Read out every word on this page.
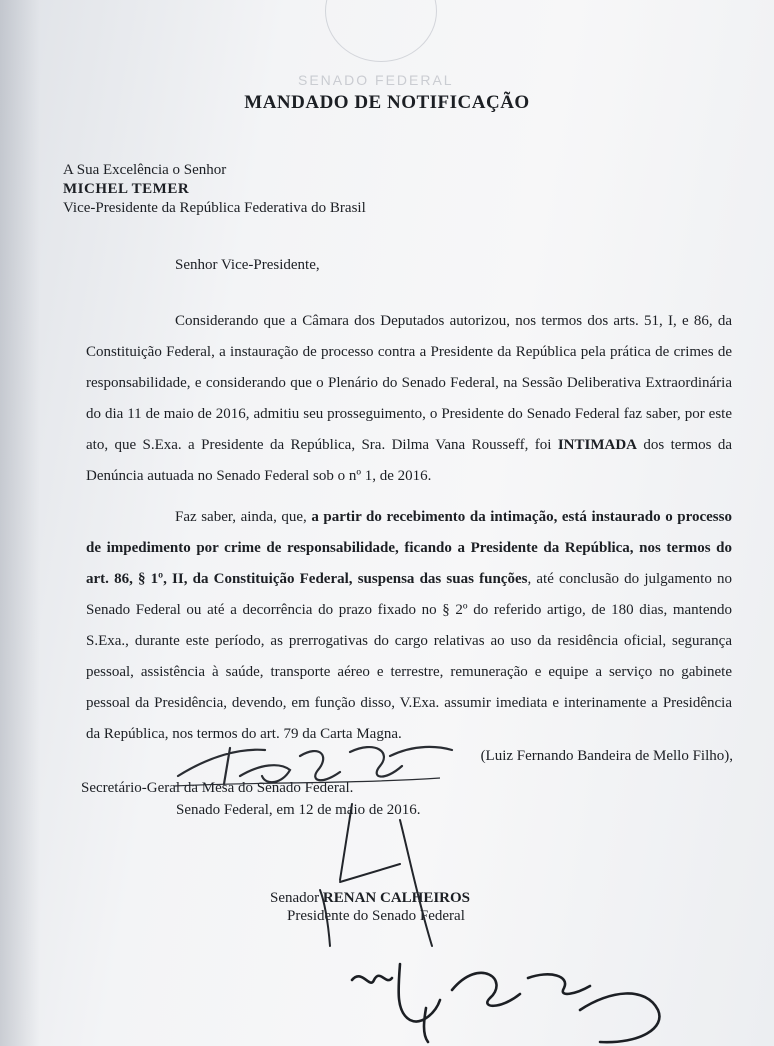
SENADO FEDERAL
MANDADO DE NOTIFICAÇÃO
A Sua Excelência o Senhor
MICHEL TEMER
Vice-Presidente da República Federativa do Brasil
Senhor Vice-Presidente,

Considerando que a Câmara dos Deputados autorizou, nos termos dos arts. 51, I, e 86, da Constituição Federal, a instauração de processo contra a Presidente da República pela prática de crimes de responsabilidade, e considerando que o Plenário do Senado Federal, na Sessão Deliberativa Extraordinária do dia 11 de maio de 2016, admitiu seu prosseguimento, o Presidente do Senado Federal faz saber, por este ato, que S.Exa. a Presidente da República, Sra. Dilma Vana Rousseff, foi INTIMADA dos termos da Denúncia autuada no Senado Federal sob o nº 1, de 2016.

Faz saber, ainda, que, a partir do recebimento da intimação, está instaurado o processo de impedimento por crime de responsabilidade, ficando a Presidente da República, nos termos do art. 86, § 1º, II, da Constituição Federal, suspensa das suas funções, até conclusão do julgamento no Senado Federal ou até a decorrência do prazo fixado no § 2º do referido artigo, de 180 dias, mantendo S.Exa., durante este período, as prerrogativas do cargo relativas ao uso da residência oficial, segurança pessoal, assistência à saúde, transporte aéreo e terrestre, remuneração e equipe a serviço no gabinete pessoal da Presidência, devendo, em função disso, V.Exa. assumir imediata e interinamente a Presidência da República, nos termos do art. 79 da Carta Magna.

(Luiz Fernando Bandeira de Mello Filho),
Secretário-Geral da Mesa do Senado Federal.
Senado Federal, em 12 de maio de 2016.
Senador RENAN CALHEIROS
Presidente do Senado Federal
